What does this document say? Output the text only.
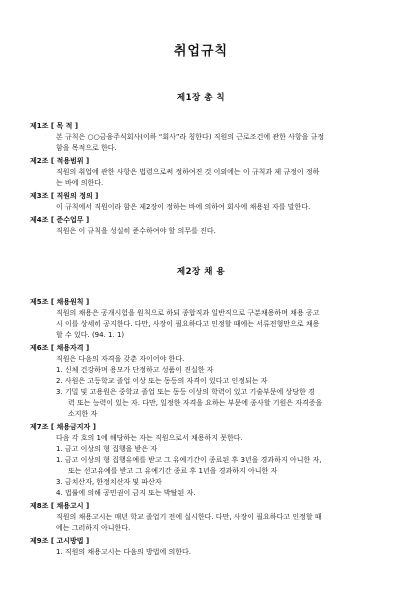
취업규칙
제1장 총 칙
제1조 [ 목 적 ]
본 규칙은 ○○금융주식회사(이하 “회사”라 칭한다) 직원의 근로조건에 관한 사항을 규정
함을 목적으로 한다.
제2조 [ 적용범위 ]
직원의 취업에 관한 사항은 법령으로써 정하여진 것 이외에는 이 규칙과 제 규정이 정하
는 바에 의한다.
제3조 [ 직원의 정의 ]
이 규칙에서 직원이라 함은 제2장이 정하는 바에 의하여 회사에 채용된 자를 말한다.
제4조 [ 준수업무 ]
직원은 이 규칙을 성실히 준수하여야 할 의무를 진다.
제2장 채 용
제5조 [ 채용원칙 ]
직원의 채용은 공개시험을 원칙으로 하되 종합직과 일반직으로 구분채용하며 채용 공고
시 이를 상세히 공지한다. 다만, 사장이 필요하다고 인정할 때에는 서류전형만으로 채용
할 수 있다. (94. 1. 1)
제6조 [ 채용자격 ]
직원은 다음의 자격을 갖춘 자이어야 한다.
1. 신체 건강하며 용모가 단정하고 성품이 진실한 자
2. 사원은 고등학교 졸업 이상 또는 동등의 자격이 있다고 인정되는 자
3. 기밀 및 고용원은 중학교 졸업 또는 동등 이상의 학력이 있고 기술부문에 상당한 경
력 또는 능력이 있는 자. 다만, 일정한 자격을 요하는 부문에 종사할 기원은 자격증을
소지한 자
제7조 [ 채용금지자 ]
다음 각 호의 1에 해당하는 자는 직원으로서 채용하지 못한다.
1. 금고 이상의 형 집행을 받은 자
1. 금고 이상의 형 집행유예를 받고 그 유예기간이 종료된 후 3년을 경과하지 아니한 자,
또는 선고유예를 받고 그 유예기간 종료 후 1년을 경과하지 아니한 자
3. 금치산자, 한정치산자 및 파산자
4. 법률에 의해 공민권이 금지 또는 박탈된 자.
제8조 [ 채용고시 ]
직원의 채용고시는 매년 학교 졸업기 전에 실시한다. 다만, 사장이 필요하다고 인정할 때
에는 그러하지 아니한다.
제9조 [ 고시방법 ]
1. 직원의 채용고시는 다음의 방법에 의한다.
